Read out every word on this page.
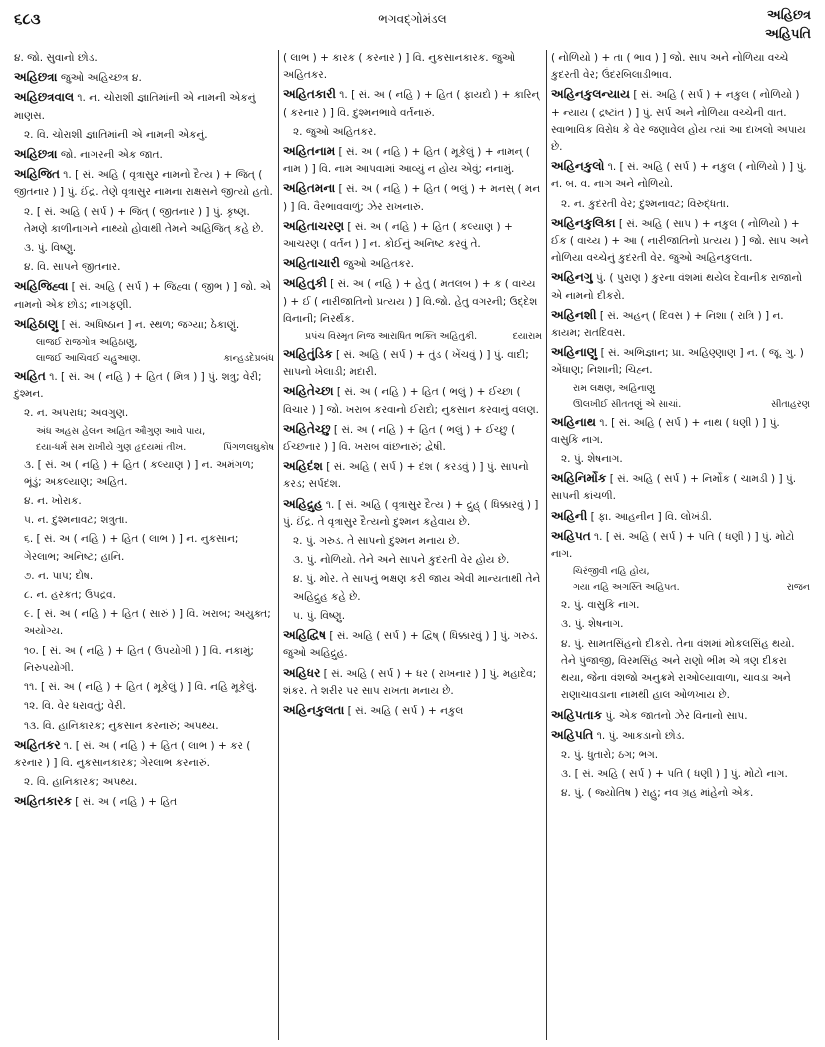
૬૮૩	ભગવદ્ગોમંડલ	અહિછત્ર
અહિપતિ
૪. જો. સુવાનો છોડ.
અહિછત્રા જુઓ અહિચ્છત્ર ૪.
અહિછત્રવાલ ૧. ન. ચોરાશી જ્ઞાતિમાંની એ નામની એકનું માણસ.
૨. વિ. ચોરાશી જ્ઞાતિમાંની એ નામની એકનું.
અહિછત્રા જો. નાગરની એક જાત.
અહિજિત ૧. [ સં. અહિ ( વૃત્રાસુર નામનો દૈત્ય ) + જિત્ ( જીતનાર ) ] પું. ઈંદ્ર. તેણે વૃત્રાસુર નામના રાક્ષસને જીત્યો હતો.
૨. [ સં. અહિ ( સર્પ ) + જિત્ ( જીતનાર ) ] પું. કૃષ્ણ. તેમણે કાળીનાગને નાથ્યો હોવાથી તેમને અહિજિત્ કહે છે.
૩. પું. વિષ્ણુ.
૪. વિ. સાપને જીતનાર.
અહિજિહ્વા [ સં. અહિ ( સર્પ ) + જિહ્વા ( જીભ ) ] જો. એ નામનો એક છોડ; નાગફણી.
અહિઠાણુ [ સં. અધિષ્ઠાન ] ન. સ્થળ; જગ્યા; ઠેકાણું.
લાજઈ રાજગોત્ર અહિઠાણુ,
લાજઈ આચિવઈ ચહુઆણ.	કાન્હડદેપ્રબંધ
અહિત ૧. [ સં. અ ( નહિ ) + હિત ( મિત્ર ) ] પું. શત્રુ; વેરી; દુશ્મન.
૨. ન. અપરાધ; અવગુણ.
અંધ અહસ હેલન અહિત ઔગુણ આવે પાય,
દયા-ધર્મ સમ રાખીયે ગુણ હૃદયમાં તીખ.	પિંગળલઘુકોષ
૩. [ સં. અ ( નહિ ) + હિત ( કલ્યાણ ) ] ન. અમંગળ; ભૂંડું; અકલ્યાણ; અહિત.
૪. ન. ખોરાક.
૫. ન. દુશ્મનાવટ; શત્રુતા.
૬. [ સં. અ ( નહિ ) + હિત ( લાભ ) ] ન. નુકસાન; ગેરલાભ; અનિષ્ટ; હાનિ.
૭. ન. પાપ; દોષ.
૮. ન. હરકત; ઉપદ્રવ.
૯. [ સં. અ ( નહિ ) + હિત ( સારું ) ] વિ. ખરાબ; અયુક્ત; અયોગ્ય.
૧૦. [ સં. અ ( નહિ ) + હિત ( ઉપયોગી ) ] વિ. નકામું; નિરુપયોગી.
૧૧. [ સં. અ ( નહિ ) + હિત ( મૂકેલું ) ] વિ. નહિ મૂકેલું.
૧૨. વિ. વેર ધરાવતું; વેરી.
૧૩. વિ. હાનિકારક; નુકસાન કરનારું; અપથ્ય.
અહિતકર ૧. [ સં. અ ( નહિ ) + હિત ( લાભ ) + કર ( કરનાર ) ] વિ. નુકસાનકારક; ગેરલાભ કરનારું.
૨. વિ. હાનિકારક; અપથ્ય.
અહિતકારક [ સં. અ ( નહિ ) + હિત
( લાભ ) + કારક ( કરનાર ) ] વિ. નુકસાનકારક. જુઓ અહિતકર.
અહિતકારી ૧. [ સં. અ ( નહિ ) + હિત ( ફાયદો ) + કારિન્ ( કરનાર ) ] વિ. દુશ્મનભાવે વર્તનારું.
૨. જુઓ અહિતકર.
અહિતનામ [ સં. અ ( નહિ ) + હિત ( મૂકેલું ) + નામન્ ( નામ ) ] વિ. નામ આપવામાં આવ્યું ન હોય એવું; નનામું.
અહિતમના [ સં. અ ( નહિ ) + હિત ( ભલું ) + મનસ્ ( મન ) ] વિ. વૈરભાવવાળું; ઝેર રાખનારું.
અહિતાચરણ [ સં. અ ( નહિ ) + હિત ( કલ્યાણ ) + આચરણ ( વર્તન ) ] ન. કોઈનું અનિષ્ટ કરવું તે.
અહિતાચારી જુઓ અહિતકર.
અહિતુકી [ સં. અ ( નહિ ) + હેતુ ( મતલબ ) + ક ( વાચ્ય ) + ઈ ( નારીજાતિનો પ્રત્યય ) ] વિ.જો. હેતુ વગરની; ઉદ્દેશ વિનાની; નિરર્થક.
પ્રપંચ વિસ્મૃત નિજ આરાધિત ભક્તિ અહિતુકી.	દયારામ
અહિતુંડિક [ સં. અહિ ( સર્પ ) + તુંડ ( ખેંચવું ) ] પું. વાદી; સાપનો ખેલાડી; મદારી.
અહિતેચ્છા [ સં. અ ( નહિ ) + હિત ( ભલું ) + ઈચ્છા ( વિચાર ) ] જો. ખરાબ કરવાનો ઈરાદો; નુકસાન કરવાનું વલણ.
અહિતેચ્છુ [ સં. અ ( નહિ ) + હિત ( ભલું ) + ઈચ્છુ ( ઈચ્છનાર ) ] વિ. ખરાબ વાંછનારું; દ્વેષી.
અહિદંશ [ સં. અહિ ( સર્પ ) + દંશ ( કરડવું ) ] પું. સાપનો કરડ; સર્પદંશ.
અહિદ્રુહ ૧. [ સં. અહિ ( વૃત્રાસુર દૈત્ય ) + દ્રુહ્ ( ધિક્કારવું ) ] પું. ઈંદ્ર. તે વૃત્રાસુર દૈત્યનો દુશ્મન કહેવાય છે.
૨. પું. ગરુડ. તે સાપનો દુશ્મન મનાય છે.
૩. પું. નોળિયો. તેને અને સાપને કુદરતી વેર હોય છે.
૪. પું. મોર. તે સાપનું ભક્ષણ કરી જાય એવી માન્યતાથી તેને અહિદ્રુહ કહે છે.
૫. પું. વિષ્ણુ.
અહિદ્વિષ [ સં. અહિ ( સર્પ ) + દ્વિષ્ ( ધિક્કારવું ) ] પું. ગરુડ. જુઓ અહિદ્રુહ.
અહિધર [ સં. અહિ ( સર્પ ) + ધર ( રાખનાર ) ] પું. મહાદેવ; શંકર. તે શરીર પર સાપ રાખતા મનાય છે.
અહિનકુલતા [ સં. અહિ ( સર્પ ) + નકુલ
( નોળિયો ) + તા ( ભાવ ) ] જો. સાપ અને નોળિયા વચ્ચે કુદરતી વેર; ઉંદરબિલાડીભાવ.
અહિનકુલન્યાય [ સં. અહિ ( સર્પ ) + નકુલ ( નોળિયો ) + ન્યાય ( દ્રષ્ટાંત ) ] પું. સર્પ અને નોળિયા વચ્ચેની વાત. સ્વાભાવિક વિરોધ કે વેર જણાવેલ હોય ત્યાં આ દાખલો અપાય છે.
અહિનકુલો ૧. [ સં. અહિ ( સર્પ ) + નકુલ ( નોળિયો ) ] પું. ન. બ. વ. નાગ અને નોળિયો.
૨. ન. કુદરતી વેર; દુશ્મનાવટ; વિરુદ્ધતા.
અહિનકુલિકા [ સં. અહિ ( સાપ ) + નકુલ ( નોળિયો ) + ઈક ( વાચ્ય ) + આ ( નારીજાતિનો પ્રત્યય ) ] જો. સાપ અને નોળિયા વચ્ચેનું કુદરતી વેર. જુઓ અહિનકુલતા.
અહિનગુ પું. ( પુરાણ ) કુરના વંશમાં થયેલ દેવાનીક રાજાનો એ નામનો દીકરો.
અહિનશી [ સં. અહન્ ( દિવસ ) + નિશા ( રાત્રિ ) ] ન. કાયમ; રાતદિવસ.
અહિનાણુ [ સં. અભિજ્ઞાન; પ્રા. અહિણ્ણાણ ] ન. ( જૂ. ગુ. ) એંધાણ; નિશાની; ચિહ્ન.
રામ લક્ષણ, અહિનાણુ
ઊલખીઈ સીતતણું એ સાચાં.	સીતાહરણ
અહિનાથ ૧. [ સં. અહિ ( સર્પ ) + નાથ ( ધણી ) ] પું. વાસુકિ નાગ.
૨. પું. શેષનાગ.
અહિનિર્મોક [ સં. અહિ ( સર્પ ) + નિર્મોક ( ચામડી ) ] પું. સાપની કાંચળી.
અહિની [ ફા. આહનીન ] વિ. લોખંડી.
અહિપત ૧. [ સં. અહિ ( સર્પ ) + પતિ ( ધણી ) ] પું. મોટો નાગ.
ચિરંજીવી નહિ હોય,
ગયા નહિ અગસ્તિ અહિપત.	રાજન
૨. પું. વાસુકિ નાગ.
૩. પું. શેષનાગ.
૪. પું. સામતસિંહનો દીકરો. તેના વંશમાં મોકલસિંહ થયો. તેને પુંજાજી, વિરમસિંહ અને રાણો ભીમ એ ત્રણ દીકરા થયા, જેના વંશજો અનુક્રમે રાઓલ્યાવાળા, ચાવડા અને રાણાચાવડાના નામથી હાલ ઓળખાય છે.
અહિપતાક પું. એક જાતનો ઝેર વિનાનો સાપ.
અહિપતિ ૧. પું. આકડાનો છોડ.
૨. પું. ધુતારો; ઠગ; ભગ.
૩. [ સં. અહિ ( સર્પ ) + પતિ ( ધણી ) ] પું. મોટો નાગ.
૪. પું. ( જ્યોતિષ ) રાહુ; નવ ગ્રહ માંહેનો એક.
